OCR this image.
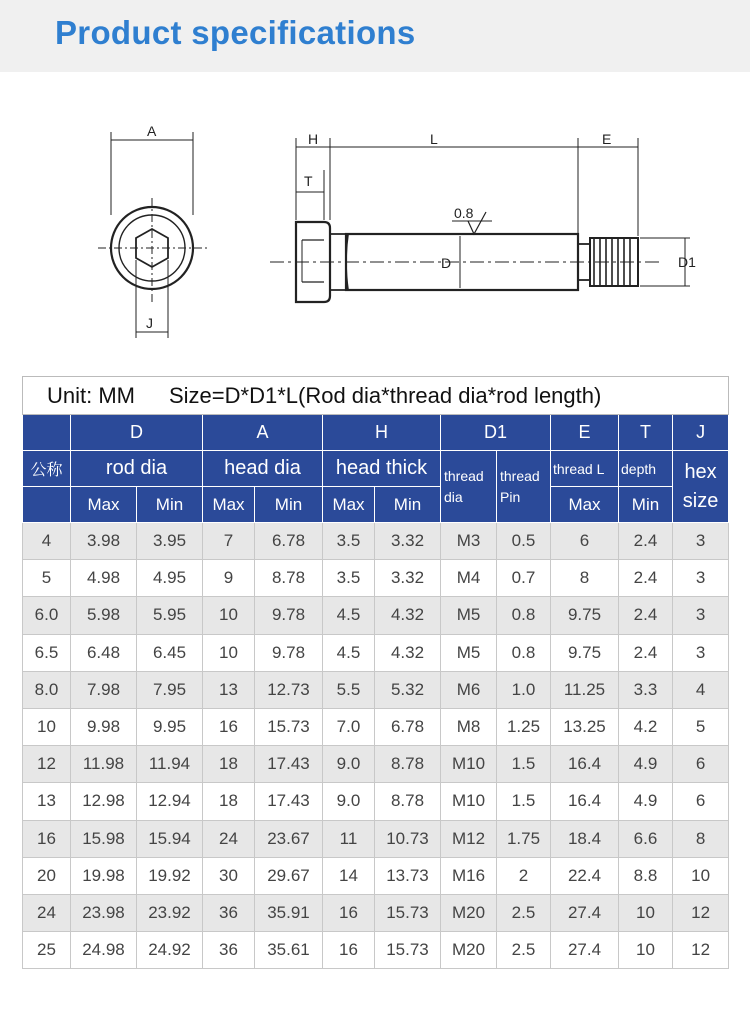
Product specifications
A
J
H	L	E
T
0.8
D	D1
Unit: MM Size=D*D1*L(Rod dia*thread dia*rod length)											
	D		A		H		D1		E	T	J
公称	rod dia		head dia		head thick		thread dia	thread Pin	thread L	depth	hex size
	Max	Min	Max	Min	Max	Min			Max	Min	
4	3.98	3.95	7	6.78	3.5	3.32	M3	0.5	6	2.4	3
5	4.98	4.95	9	8.78	3.5	3.32	M4	0.7	8	2.4	3
6.0	5.98	5.95	10	9.78	4.5	4.32	M5	0.8	9.75	2.4	3
6.5	6.48	6.45	10	9.78	4.5	4.32	M5	0.8	9.75	2.4	3
8.0	7.98	7.95	13	12.73	5.5	5.32	M6	1.0	11.25	3.3	4
10	9.98	9.95	16	15.73	7.0	6.78	M8	1.25	13.25	4.2	5
12	11.98	11.94	18	17.43	9.0	8.78	M10	1.5	16.4	4.9	6
13	12.98	12.94	18	17.43	9.0	8.78	M10	1.5	16.4	4.9	6
16	15.98	15.94	24	23.67	11	10.73	M12	1.75	18.4	6.6	8
20	19.98	19.92	30	29.67	14	13.73	M16	2	22.4	8.8	10
24	23.98	23.92	36	35.91	16	15.73	M20	2.5	27.4	10	12
25	24.98	24.92	36	35.61	16	15.73	M20	2.5	27.4	10	12
